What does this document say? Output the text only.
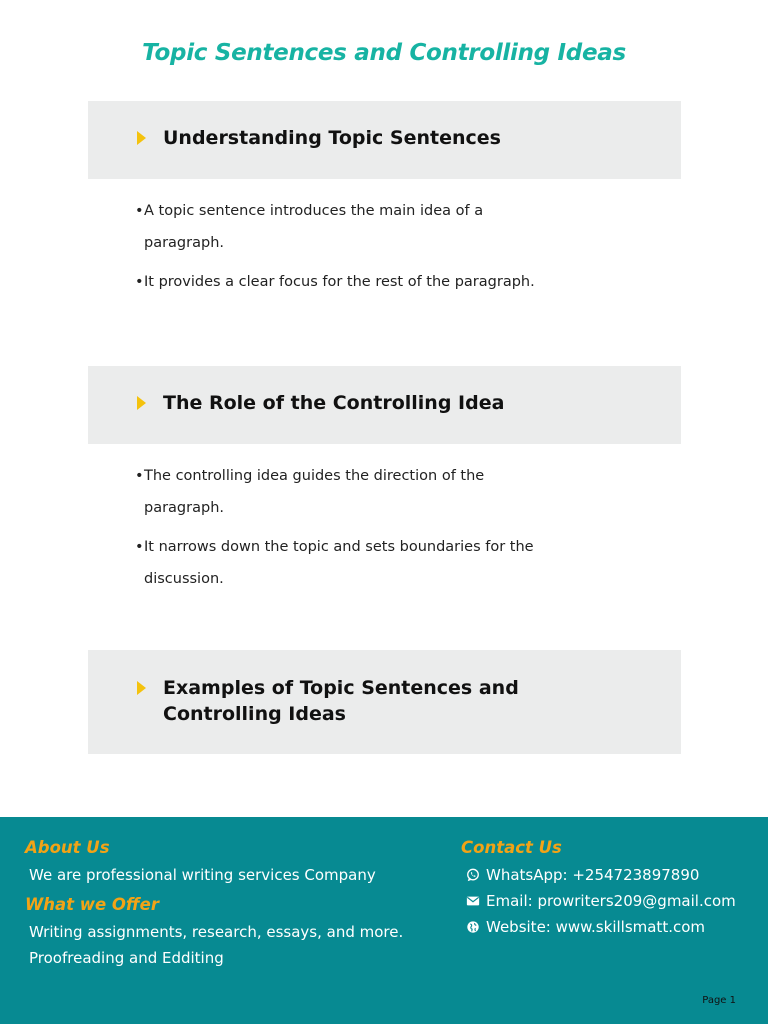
Topic Sentences and Controlling Ideas
Understanding Topic Sentences
•A topic sentence introduces the main idea of a paragraph.
•It provides a clear focus for the rest of the paragraph.
The Role of the Controlling Idea
•The controlling idea guides the direction of the paragraph.
•It narrows down the topic and sets boundaries for the discussion.
Examples of Topic Sentences and Controlling Ideas
About Us
We are professional writing services Company
What we Offer
Writing assignments, research, essays, and more.
Proofreading and Edditing
Contact Us
WhatsApp: +254723897890
Email: prowriters209@gmail.com
Website: www.skillsmatt.com
Page 1
